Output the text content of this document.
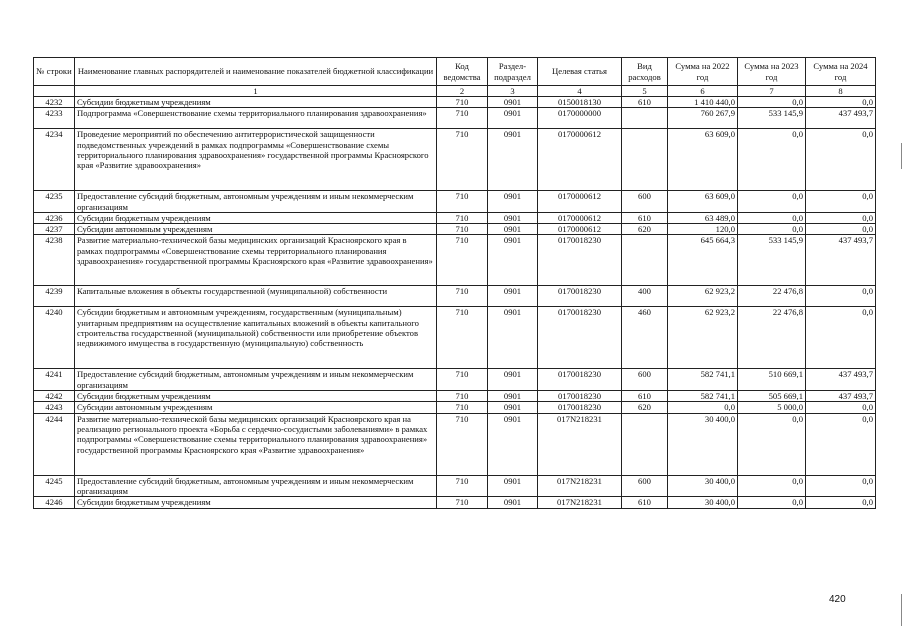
№ строки	Наименование главных распорядителей и наименование показателей бюджетной классификации	Код ведомства	Раздел-подраздел	Целевая статья	Вид расходов	Сумма на 2022 год	Сумма на 2023 год	Сумма на 2024 год
	1	2	3	4	5	6	7	8
4232	Субсидии бюджетным учреждениям	710	0901	0150018130	610	1 410 440,0	0,0	0,0
4233	Подпрограмма «Совершенствование схемы территориального планирования здравоохранения»	710	0901	0170000000		760 267,9	533 145,9	437 493,7
4234	Проведение мероприятий по обеспечению антитеррористической защищенности подведомственных учреждений в рамках подпрограммы «Совершенствование схемы территориального планирования здравоохранения» государственной программы Красноярского края «Развитие здравоохранения»	710	0901	0170000612		63 609,0	0,0	0,0
4235	Предоставление субсидий бюджетным, автономным учреждениям и иным некоммерческим организациям	710	0901	0170000612	600	63 609,0	0,0	0,0
4236	Субсидии бюджетным учреждениям	710	0901	0170000612	610	63 489,0	0,0	0,0
4237	Субсидии автономным учреждениям	710	0901	0170000612	620	120,0	0,0	0,0
4238	Развитие материально-технической базы медицинских организаций Красноярского края в рамках подпрограммы «Совершенствование схемы территориального планирования здравоохранения» государственной программы Красноярского края «Развитие здравоохранения»	710	0901	0170018230		645 664,3	533 145,9	437 493,7
4239	Капитальные вложения в объекты государственной (муниципальной) собственности	710	0901	0170018230	400	62 923,2	22 476,8	0,0
4240	Субсидии бюджетным и автономным учреждениям, государственным (муниципальным) унитарным предприятиям на осуществление капитальных вложений в объекты капитального строительства государственной (муниципальной) собственности или приобретение объектов недвижимого имущества в государственную (муниципальную) собственность	710	0901	0170018230	460	62 923,2	22 476,8	0,0
4241	Предоставление субсидий бюджетным, автономным учреждениям и иным некоммерческим организациям	710	0901	0170018230	600	582 741,1	510 669,1	437 493,7
4242	Субсидии бюджетным учреждениям	710	0901	0170018230	610	582 741,1	505 669,1	437 493,7
4243	Субсидии автономным учреждениям	710	0901	0170018230	620	0,0	5 000,0	0,0
4244	Развитие материально-технической базы медицинских организаций Красноярского края на реализацию регионального проекта «Борьба с сердечно-сосудистыми заболеваниями» в рамках подпрограммы «Совершенствование схемы территориального планирования здравоохранения» государственной программы Красноярского края «Развитие здравоохранения»	710	0901	017N218231		30 400,0	0,0	0,0
4245	Предоставление субсидий бюджетным, автономным учреждениям и иным некоммерческим организациям	710	0901	017N218231	600	30 400,0	0,0	0,0
4246	Субсидии бюджетным учреждениям	710	0901	017N218231	610	30 400,0	0,0	0,0
420
